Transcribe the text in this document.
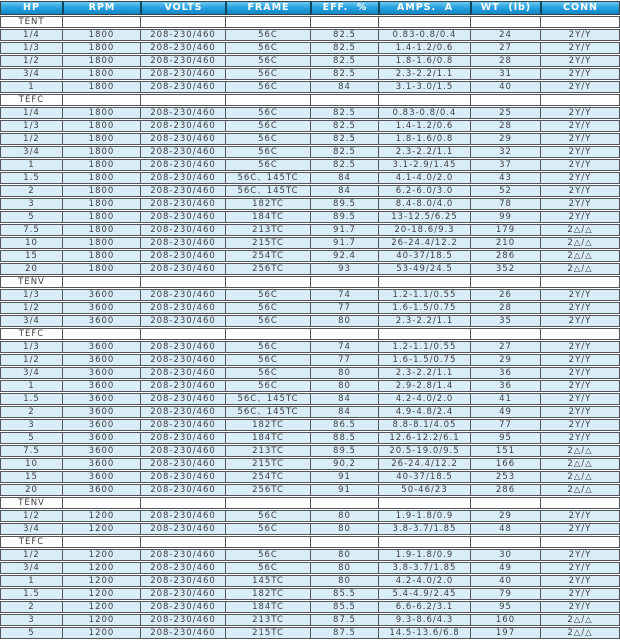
HP	RPM	VOLTS	FRAME	EFF.  %	AMPS.  A	WT  (lb)	CONN
TENT							
1/4	1800	208-230/460	56C	82.5	0.83-0.8/0.4	24	2Y/Y
1/3	1800	208-230/460	56C	82.5	1.4-1.2/0.6	27	2Y/Y
1/2	1800	208-230/460	56C	82.5	1.8-1.6/0.8	28	2Y/Y
3/4	1800	208-230/460	56C	82.5	2.3-2.2/1.1	31	2Y/Y
1	1800	208-230/460	56C	84	3.1-3.0/1.5	40	2Y/Y
TEFC							
1/4	1800	208-230/460	56C	82.5	0.83-0.8/0.4	25	2Y/Y
1/3	1800	208-230/460	56C	82.5	1.4-1.2/0.6	28	2Y/Y
1/2	1800	208-230/460	56C	82.5	1.8-1.6/0.8	29	2Y/Y
3/4	1800	208-230/460	56C	82.5	2.3-2.2/1.1	32	2Y/Y
1	1800	208-230/460	56C	82.5	3.1-2.9/1.45	37	2Y/Y
1.5	1800	208-230/460	56C、145TC	84	4.1-4.0/2.0	43	2Y/Y
2	1800	208-230/460	56C、145TC	84	6.2-6.0/3.0	52	2Y/Y
3	1800	208-230/460	182TC	89.5	8.4-8.0/4.0	78	2Y/Y
5	1800	208-230/460	184TC	89.5	13-12.5/6.25	99	2Y/Y
7.5	1800	208-230/460	213TC	91.7	20-18.6/9.3	179	2△/△
10	1800	208-230/460	215TC	91.7	26-24.4/12.2	210	2△/△
15	1800	208-230/460	254TC	92.4	40-37/18.5	286	2△/△
20	1800	208-230/460	256TC	93	53-49/24.5	352	2△/△
TENV							
1/3	3600	208-230/460	56C	74	1.2-1.1/0.55	26	2Y/Y
1/2	3600	208-230/460	56C	77	1.6-1.5/0.75	28	2Y/Y
3/4	3600	208-230/460	56C	80	2.3-2.2/1.1	35	2Y/Y
TEFC							
1/3	3600	208-230/460	56C	74	1.2-1.1/0.55	27	2Y/Y
1/2	3600	208-230/460	56C	77	1.6-1.5/0.75	29	2Y/Y
3/4	3600	208-230/460	56C	80	2.3-2.2/1.1	36	2Y/Y
1	3600	208-230/460	56C	80	2.9-2.8/1.4	36	2Y/Y
1.5	3600	208-230/460	56C、145TC	84	4.2-4.0/2.0	41	2Y/Y
2	3600	208-230/460	56C、145TC	84	4.9-4.8/2.4	49	2Y/Y
3	3600	208-230/460	182TC	86.5	8.8-8.1/4.05	77	2Y/Y
5	3600	208-230/460	184TC	88.5	12.6-12.2/6.1	95	2Y/Y
7.5	3600	208-230/460	213TC	89.5	20.5-19.0/9.5	151	2△/△
10	3600	208-230/460	215TC	90.2	26-24.4/12.2	166	2△/△
15	3600	208-230/460	254TC	91	40-37/18.5	253	2△/△
20	3600	208-230/460	256TC	91	50-46/23	286	2△/△
TENV							
1/2	1200	208-230/460	56C	80	1.9-1.8/0.9	29	2Y/Y
3/4	1200	208-230/460	56C	80	3.8-3.7/1.85	48	2Y/Y
TEFC							
1/2	1200	208-230/460	56C	80	1.9-1.8/0.9	30	2Y/Y
3/4	1200	208-230/460	56C	80	3.8-3.7/1.85	49	2Y/Y
1	1200	208-230/460	145TC	80	4.2-4.0/2.0	40	2Y/Y
1.5	1200	208-230/460	182TC	85.5	5.4-4.9/2.45	79	2Y/Y
2	1200	208-230/460	184TC	85.5	6.6-6.2/3.1	95	2Y/Y
3	1200	208-230/460	213TC	87.5	9.3-8.6/4.3	160	2△/△
5	1200	208-230/460	215TC	87.5	14.5-13.6/6.8	197	2△/△
